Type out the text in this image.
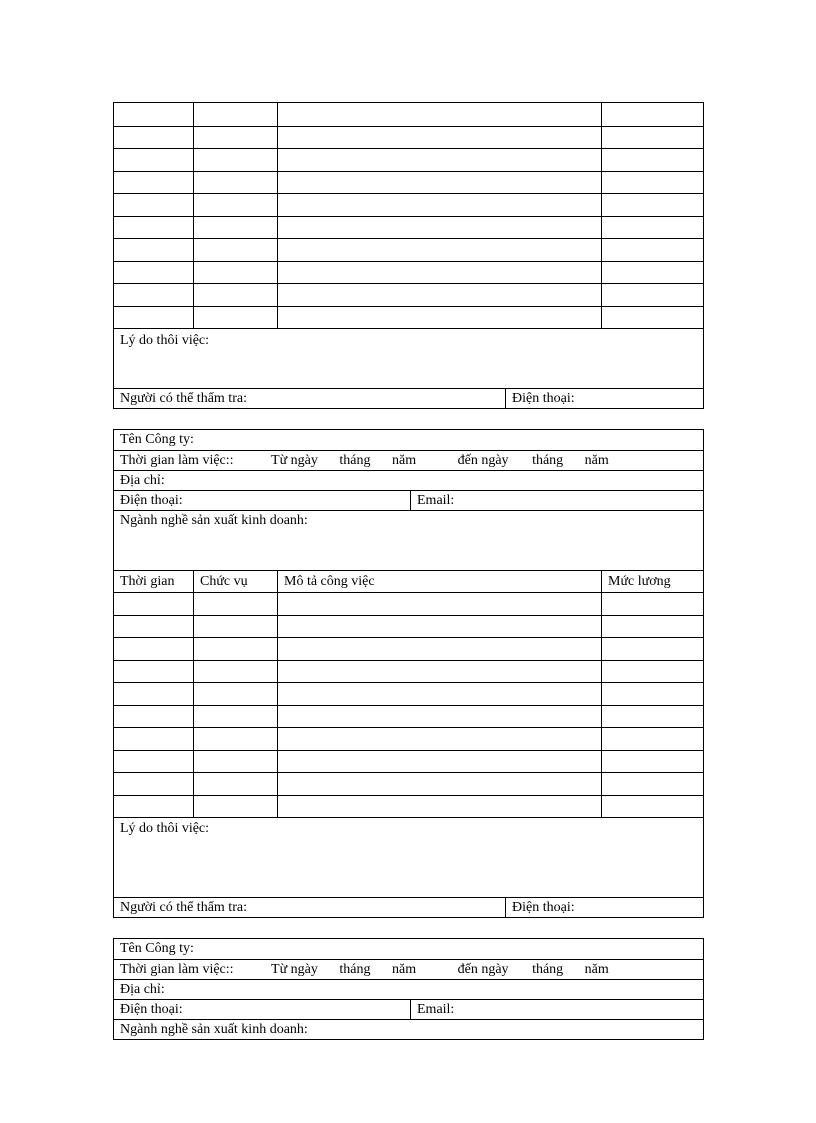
Lý do thôi việc:
Người có thể thẩm tra:	Điện thoại:
Tên Công ty:
Thời gian làm việc::	Từ ngày tháng năm	đến ngày tháng năm
Địa chỉ:
Điện thoại:	Email:
Ngành nghề sản xuất kinh doanh:
Thời gian	Chức vụ	Mô tả công việc	Mức lương
Lý do thôi việc:
Người có thể thẩm tra:	Điện thoại:
Tên Công ty:
Thời gian làm việc::	Từ ngày tháng năm	đến ngày tháng năm
Địa chỉ:
Điện thoại:	Email:
Ngành nghề sản xuất kinh doanh:
